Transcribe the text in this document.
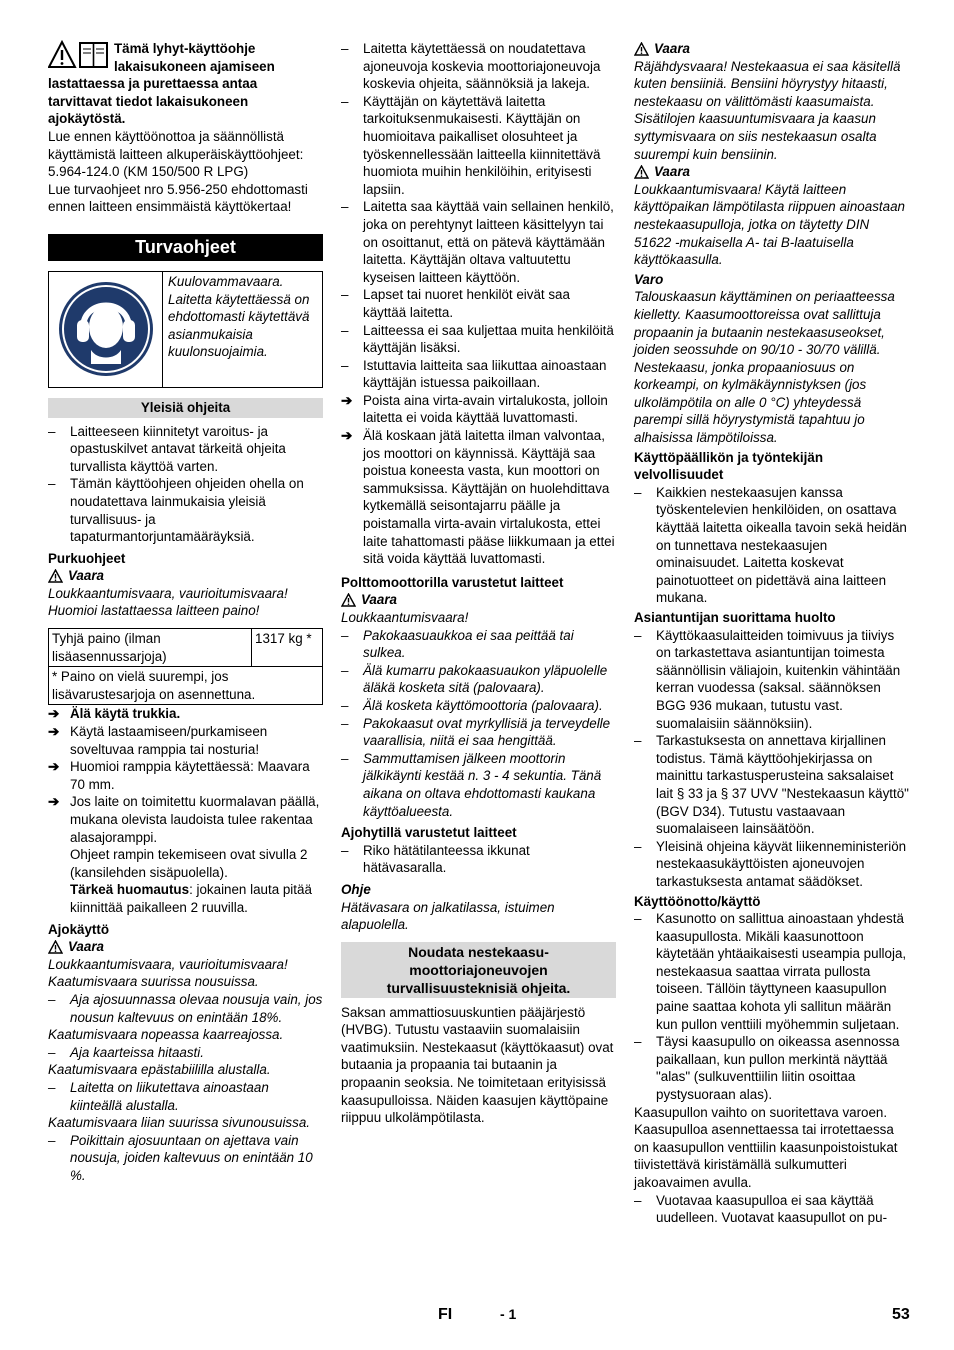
Tämä lyhyt-käyttöohje lakaisukoneen ajamiseen lastattaessa ja purettaessa antaa tarvittavat tiedot lakaisukoneen ajokäytöstä.

Lue ennen käyttöönottoa ja säännöllistä käyttämistä laitteen alkuperäiskäyttöohjeet:

5.964-124.0 (KM 150/500 R LPG)

Lue turvaohjeet nro 5.956-250 ehdottomasti ennen laitteen ensimmäistä käyttökertaa!

Turvaohjeet
Kuulovammavaara. Laitetta käytettäessä on ehdottomasti käytettävä asianmukaisia kuulonsuojaimia.
Yleisiä ohjeita
–	Laitteeseen kiinnitetyt varoitus- ja opastuskilvet antavat tärkeitä ohjeita turvallista käyttöä varten.
–	Tämän käyttöohjeen ohjeiden ohella on noudatettava lainmukaisia yleisiä turvallisuus- ja tapaturmantorjuntamääräyksiä.

Purkuohjeet

Vaara

Loukkaantumisvaara, vaurioitumisvaara! Huomioi lastattaessa laitteen paino!

Tyhjä paino (ilman lisäasennussarjoja)	1317 kg *
* Paino on vielä suurempi, jos lisävarustesarjoja on asennettuna.
➔ Älä käytä trukkia.
➔ Käytä lastaamiseen/purkamiseen soveltuvaa ramppia tai nosturia!
➔ Huomioi ramppia käytettäessä: Maavara 70 mm.
➔ Jos laite on toimitettu kuormalavan päällä, mukana olevista laudoista tulee rakentaa alasajoramppi.
Ohjeet rampin tekemiseen ovat sivulla 2 (kansilehden sisäpuolella).
Tärkeä huomautus: jokainen lauta pitää kiinnittää paikalleen 2 ruuvilla.

Ajokäyttö

Vaara

Loukkaantumisvaara, vaurioitumisvaara!

Kaatumisvaara suurissa nousuissa.

–	Aja ajosuunnassa olevaa nousuja vain, jos nousun kaltevuus on enintään 18%.

Kaatumisvaara nopeassa kaarreajossa.

–	Aja kaarteissa hitaasti.

Kaatumisvaara epästabiililla alustalla.

–	Laitetta on liikutettava ainoastaan kiinteällä alustalla.

Kaatumisvaara liian suurissa sivunousuissa.

–	Poikittain ajosuuntaan on ajettava vain nousuja, joiden kaltevuus on enintään 10 %.
–	Laitetta käytettäessä on noudatettava ajoneuvoja koskevia moottoriajoneuvoja koskevia ohjeita, säännöksiä ja lakeja.
–	Käyttäjän on käytettävä laitetta tarkoituksenmukaisesti. Käyttäjän on huomioitava paikalliset olosuhteet ja työskennellessään laitteella kiinnitettävä huomiota muihin henkilöihin, erityisesti lapsiin.
–	Laitetta saa käyttää vain sellainen henkilö, joka on perehtynyt laitteen käsittelyyn tai on osoittanut, että on pätevä käyttämään laitetta. Käyttäjän oltava valtuutettu kyseisen laitteen käyttöön.
–	Lapset tai nuoret henkilöt eivät saa käyttää laitetta.
–	Laitteessa ei saa kuljettaa muita henkilöitä käyttäjän lisäksi.
–	Istuttavia laitteita saa liikuttaa ainoastaan käyttäjän istuessa paikoillaan.
➔ Poista aina virta-avain virtalukosta, jolloin laitetta ei voida käyttää luvattomasti.
➔ Älä koskaan jätä laitetta ilman valvontaa, jos moottori on käynnissä. Käyttäjä saa poistua koneesta vasta, kun moottori on sammuksissa. Käyttäjän on huolehdittava kytkemällä seisontajarru päälle ja poistamalla virta-avain virtalukosta, ettei laite tahattomasti pääse liikkumaan ja ettei sitä voida käyttää luvattomasti.

Polttomoottorilla varustetut laitteet

Vaara

Loukkaantumisvaara!

–	Pakokaasuaukkoa ei saa peittää tai sulkea.
–	Älä kumarru pakokaasuaukon yläpuolelle äläkä kosketa sitä (palovaara).
–	Älä kosketa käyttömoottoria (palovaara).
–	Pakokaasut ovat myrkyllisiä ja terveydelle vaarallisia, niitä ei saa hengittää.
–	Sammuttamisen jälkeen moottorin jälkikäynti kestää n. 3 - 4 sekuntia. Tänä aikana on oltava ehdottomasti kaukana käyttöalueesta.

Ajohytillä varustetut laitteet

–	Riko hätätilanteessa ikkunat hätävasaralla.

Ohje

Hätävasara on jalkatilassa, istuimen alapuolella.

Noudata nestekaasu-moottoriajoneuvojen turvallisuusteknisiä ohjeita.

Saksan ammattiosuuskuntien pääjärjestö (HVBG). Tutustu vastaaviin suomalaisiin vaatimuksiin. Nestekaasut (käyttökaasut) ovat butaania ja propaania tai butaanin ja propaanin seoksia. Ne toimitetaan erityisissä kaasupulloissa. Näiden kaasujen käyttöpaine riippuu ulkolämpötilasta.

Vaara

Räjähdysvaara! Nestekaasua ei saa käsitellä kuten bensiiniä. Bensiini höyrystyy hitaasti, nestekaasu on välittömästi kaasumaista. Sisätilojen kaasuuntumisvaara ja kaasun syttymisvaara on siis nestekaasun osalta suurempi kuin bensiinin.

Vaara

Loukkaantumisvaara! Käytä laitteen käyttöpaikan lämpötilasta riippuen ainoastaan nestekaasupulloja, jotka on täytetty DIN 51622 -mukaisella A- tai B-laatuisella käyttökaasulla.

Varo

Talouskaasun käyttäminen on periaatteessa kielletty. Kaasumoottoreissa ovat sallittuja propaanin ja butaanin nestekaasuseokset, joiden seossuhde on 90/10 - 30/70 välillä. Nestekaasu, jonka propaaniosuus on korkeampi, on kylmäkäynnistyksen (jos ulkolämpötila on alle 0 °C) yhteydessä parempi sillä höyrystymistä tapahtuu jo alhaisissa lämpötiloissa.

Käyttöpäällikön ja työntekijän velvollisuudet

–	Kaikkien nestekaasujen kanssa työskentelevien henkilöiden, on osattava käyttää laitetta oikealla tavoin sekä heidän on tunnettava nestekaasujen ominaisuudet. Laitetta koskevat painotuotteet on pidettävä aina laitteen mukana.

Asiantuntijan suorittama huolto

–	Käyttökaasulaitteiden toimivuus ja tiiviys on tarkastettava asiantuntijan toimesta säännöllisin väliajoin, kuitenkin vähintään kerran vuodessa (saksal. säännöksen BGG 936 mukaan, tutustu vast. suomalaisiin säännöksiin).
–	Tarkastuksesta on annettava kirjallinen todistus. Tämä käyttöohjekirjassa on mainittu tarkastusperusteina saksalaiset lait § 33 ja § 37 UVV "Nestekaasun käyttö" (BGV D34). Tutustu vastaavaan suomalaiseen lainsäätöön.
–	Yleisinä ohjeina käyvät liikenneministeriön nestekaasukäyttöisten ajoneuvojen tarkastuksesta antamat säädökset.

Käyttöönotto/käyttö

–	Kasunotto on sallittua ainoastaan yhdestä kaasupullosta. Mikäli kaasunottoon käytetään yhtäaikaisesti useampia pulloja, nestekaasua saattaa virrata pullosta toiseen. Tällöin täyttyneen kaasupullon paine saattaa kohota yli sallitun määrän kun pullon venttiili myöhemmin suljetaan.
–	Täysi kaasupullo on oikeassa asennossa paikallaan, kun pullon merkintä näyttää "alas" (sulkuventtiilin liitin osoittaa pystysuoraan alas).

Kaasupullon vaihto on suoritettava varoen. Kaasupulloa asennettaessa tai irrotettaessa on kaasupullon venttiilin kaasunpoistoistukat tiivistettävä kiristämällä sulkumutteri jakoavaimen avulla.

–	Vuotavaa kaasupulloa ei saa käyttää uudelleen. Vuotavat kaasupullot on pu-
FI	- 1	53
